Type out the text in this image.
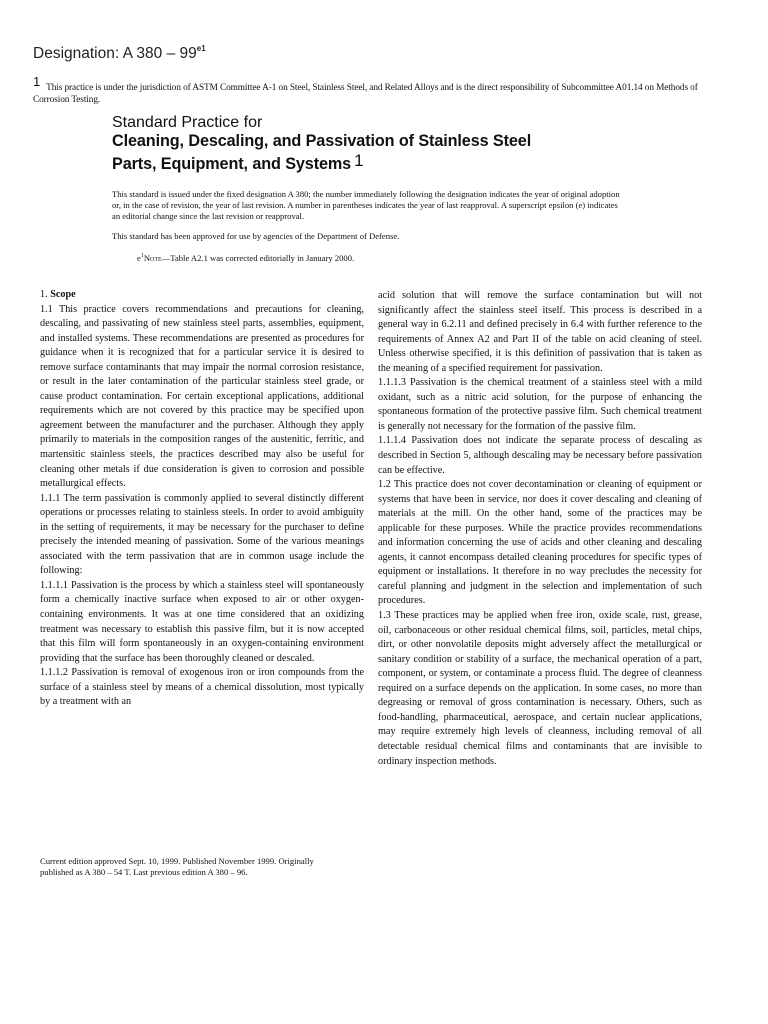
Designation: A $380 - 99^{e1}$
1 This practice is under the jurisdiction of ASTM Committee A-1 on Steel, Stainless Steel, and Related Alloys and is the direct responsibility of Subcommittee A01.14 on Methods of Corrosion Testing.
Standard Practice for
Cleaning, Descaling, and Passivation of Stainless Steel
Parts, Equipment, and Systems 1
This standard is issued under the fixed designation A 380; the number immediately following the designation indicates the year of original adoption or, in the case of revision, the year of last revision. A number in parentheses indicates the year of last reapproval. A superscript epsilon (e) indicates an editorial change since the last revision or reapproval.
This standard has been approved for use by agencies of the Department of Defense.
$e^1Note—Table$ A2.1 was corrected editorially in January 2000.

1. Scope

1.1 This practice covers recommendations and precautions for cleaning, descaling, and passivating of new stainless steel parts, assemblies, equipment, and installed systems. These recommendations are presented as procedures for guidance when it is recognized that for a particular service it is desired to remove surface contaminants that may impair the normal corrosion resistance, or result in the later contamination of the particular stainless steel grade, or cause product contamination. For certain exceptional applications, additional requirements which are not covered by this practice may be specified upon agreement between the manufacturer and the purchaser. Although they apply primarily to materials in the composition ranges of the austenitic, ferritic, and martensitic stainless steels, the practices described may also be useful for cleaning other metals if due consideration is given to corrosion and possible metallurgical effects.

1.1.1 The term passivation is commonly applied to several distinctly different operations or processes relating to stainless steels. In order to avoid ambiguity in the setting of requirements, it may be necessary for the purchaser to define precisely the intended meaning of passivation. Some of the various meanings associated with the term passivation that are in common usage include the following:

1.1.1.1 Passivation is the process by which a stainless steel will spontaneously form a chemically inactive surface when exposed to air or other oxygen-containing environments. It was at one time considered that an oxidizing treatment was necessary to establish this passive film, but it is now accepted that this film will form spontaneously in an oxygen-containing environment providing that the surface has been thoroughly cleaned or descaled.

1.1.1.2 Passivation is removal of exogenous iron or iron compounds from the surface of a stainless steel by means of a chemical dissolution, most typically by a treatment with an

acid solution that will remove the surface contamination but will not significantly affect the stainless steel itself. This process is described in a general way in 6.2.11 and defined precisely in 6.4 with further reference to the requirements of Annex A2 and Part II of the table on acid cleaning of steel. Unless otherwise specified, it is this definition of passivation that is taken as the meaning of a specified requirement for passivation.

1.1.1.3 Passivation is the chemical treatment of a stainless steel with a mild oxidant, such as a nitric acid solution, for the purpose of enhancing the spontaneous formation of the protective passive film. Such chemical treatment is generally not necessary for the formation of the passive film.

1.1.1.4 Passivation does not indicate the separate process of descaling as described in Section 5, although descaling may be necessary before passivation can be effective.

1.2 This practice does not cover decontamination or cleaning of equipment or systems that have been in service, nor does it cover descaling and cleaning of materials at the mill. On the other hand, some of the practices may be applicable for these purposes. While the practice provides recommendations and information concerning the use of acids and other cleaning and descaling agents, it cannot encompass detailed cleaning procedures for specific types of equipment or installations. It therefore in no way precludes the necessity for careful planning and judgment in the selection and implementation of such procedures.

1.3 These practices may be applied when free iron, oxide scale, rust, grease, oil, carbonaceous or other residual chemical films, soil, particles, metal chips, dirt, or other nonvolatile deposits might adversely affect the metallurgical or sanitary condition or stability of a surface, the mechanical operation of a part, component, or system, or contaminate a process fluid. The degree of cleanness required on a surface depends on the application. In some cases, no more than degreasing or removal of gross contamination is necessary. Others, such as food-handling, pharmaceutical, aerospace, and certain nuclear applications, may require extremely high levels of cleanness, including removal of all detectable residual chemical films and contaminants that are invisible to ordinary inspection methods.

Current edition approved Sept. 10, 1999. Published November 1999. Originally published as A 380 – 54 T. Last previous edition A 380 – 96.
